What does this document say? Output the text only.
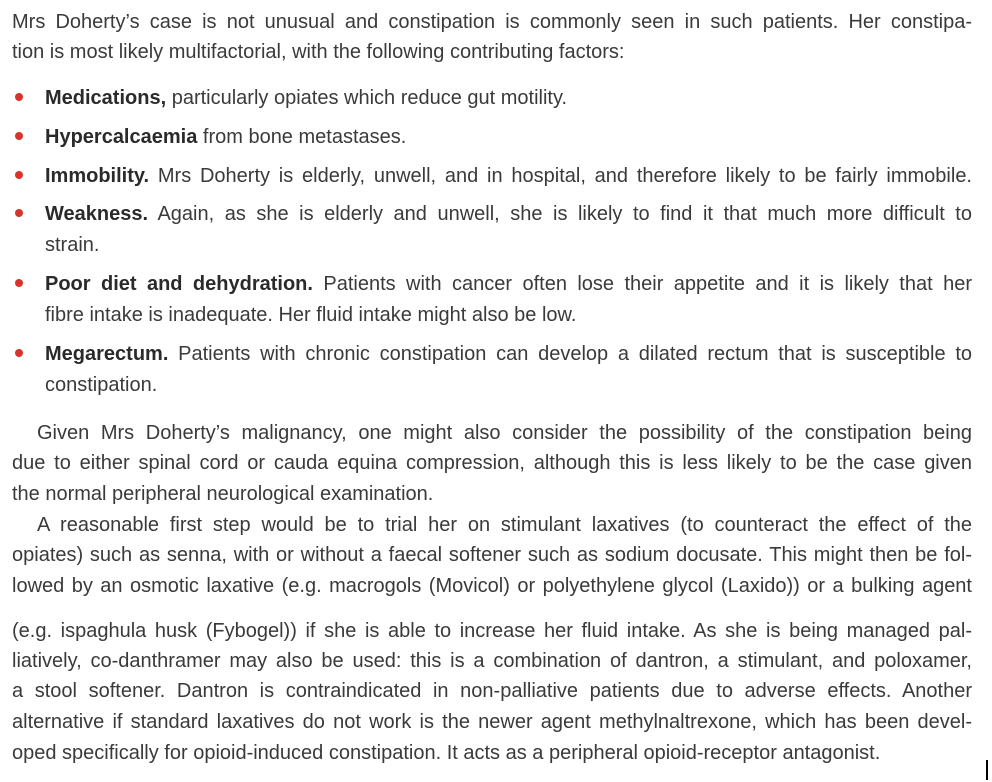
Mrs Doherty’s case is not unusual and constipation is commonly seen in such patients. Her constipa-
tion is most likely multifactorial, with the following contributing factors:
Medications, particularly opiates which reduce gut motility.
Hypercalcaemia from bone metastases.
Immobility. Mrs Doherty is elderly, unwell, and in hospital, and therefore likely to be fairly immobile.
Weakness. Again, as she is elderly and unwell, she is likely to find it that much more difficult to
strain.
Poor diet and dehydration. Patients with cancer often lose their appetite and it is likely that her
fibre intake is inadequate. Her fluid intake might also be low.
Megarectum. Patients with chronic constipation can develop a dilated rectum that is susceptible to
constipation.
Given Mrs Doherty’s malignancy, one might also consider the possibility of the constipation being
due to either spinal cord or cauda equina compression, although this is less likely to be the case given
the normal peripheral neurological examination.
A reasonable first step would be to trial her on stimulant laxatives (to counteract the effect of the
opiates) such as senna, with or without a faecal softener such as sodium docusate. This might then be fol-
lowed by an osmotic laxative (e.g. macrogols (Movicol) or polyethylene glycol (Laxido)) or a bulking agent
(e.g. ispaghula husk (Fybogel)) if she is able to increase her fluid intake. As she is being managed pal-
liatively, co-danthramer may also be used: this is a combination of dantron, a stimulant, and poloxamer,
a stool softener. Dantron is contraindicated in non-palliative patients due to adverse effects. Another
alternative if standard laxatives do not work is the newer agent methylnaltrexone, which has been devel-
oped specifically for opioid-induced constipation. It acts as a peripheral opioid-receptor antagonist.
